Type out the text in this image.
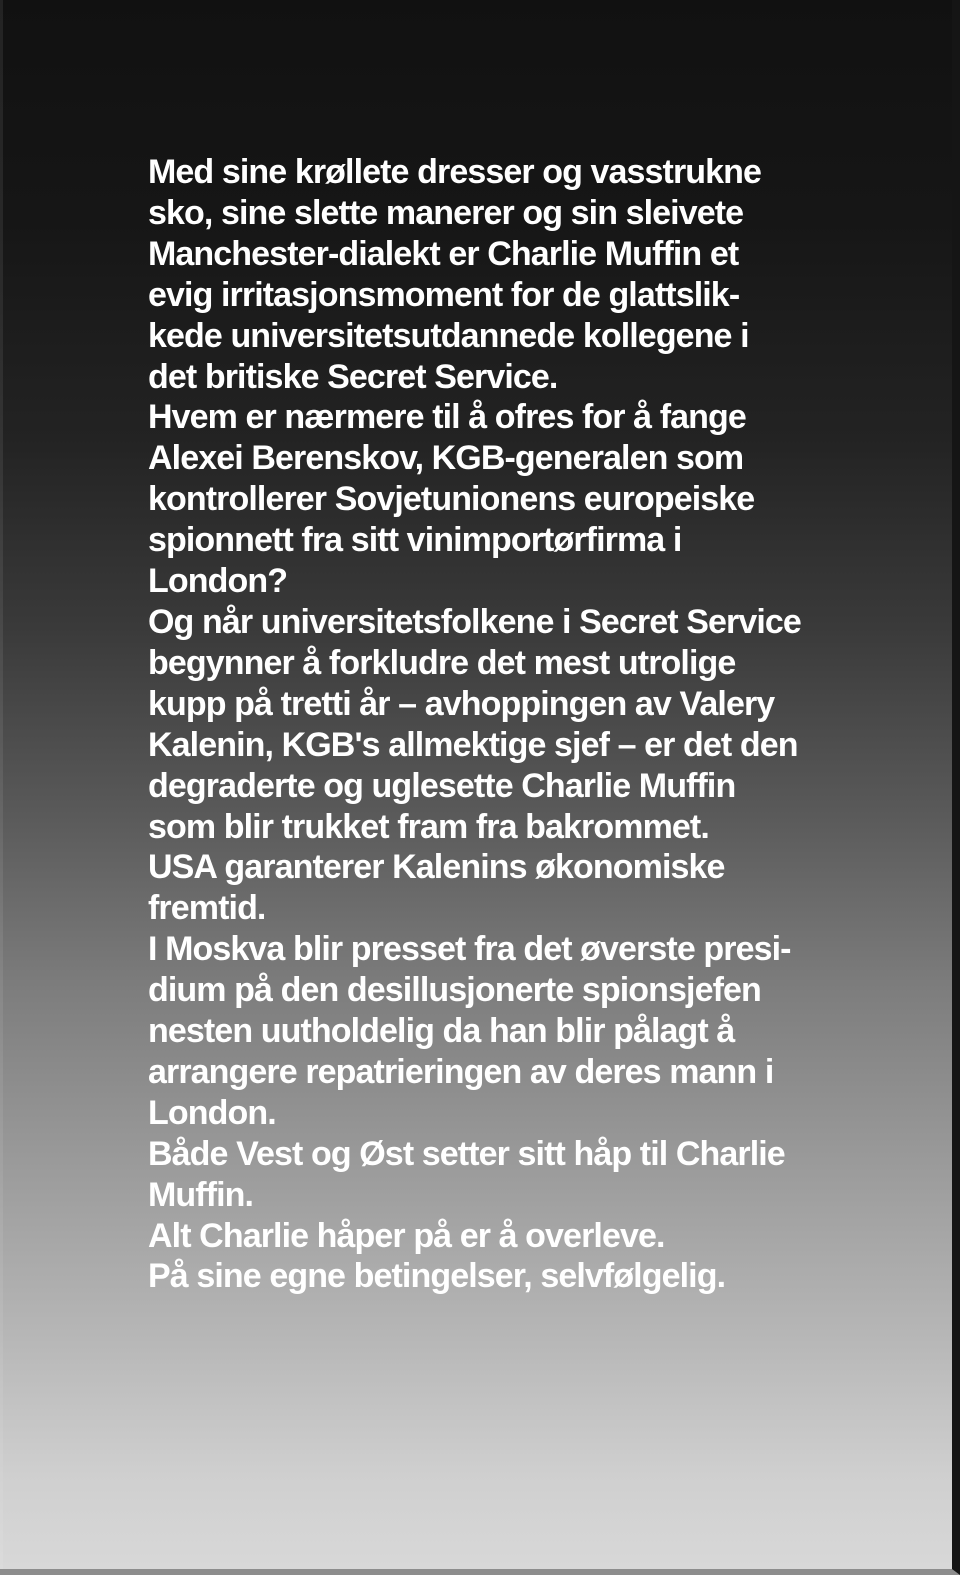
Med sine krøllete dresser og vasstrukne
sko, sine slette manerer og sin sleivete
Manchester-dialekt er Charlie Muffin et
evig irritasjonsmoment for de glattslik-
kede universitetsutdannede kollegene i
det britiske Secret Service.
Hvem er nærmere til å ofres for å fange
Alexei Berenskov, KGB-generalen som
kontrollerer Sovjetunionens europeiske
spionnett fra sitt vinimportørfirma i
London?
Og når universitetsfolkene i Secret Service
begynner å forkludre det mest utrolige
kupp på tretti år – avhoppingen av Valery
Kalenin, KGB's allmektige sjef – er det den
degraderte og uglesette Charlie Muffin
som blir trukket fram fra bakrommet.
USA garanterer Kalenins økonomiske
fremtid.
I Moskva blir presset fra det øverste presi-
dium på den desillusjonerte spionsjefen
nesten uutholdelig da han blir pålagt å
arrangere repatrieringen av deres mann i
London.
Både Vest og Øst setter sitt håp til Charlie
Muffin.
Alt Charlie håper på er å overleve.
På sine egne betingelser, selvfølgelig.
